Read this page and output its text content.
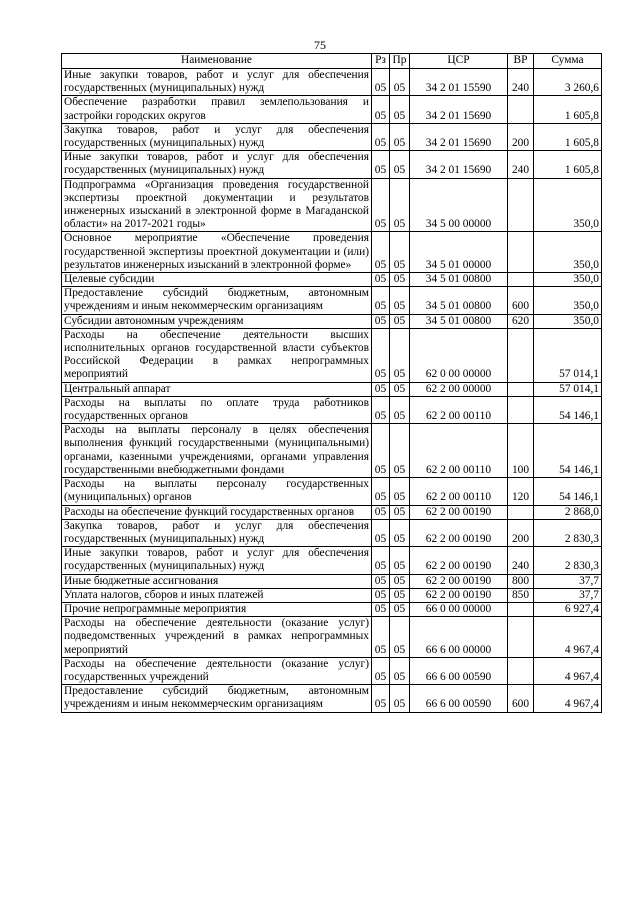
75
Наименование	Рз	Пр	ЦСР	ВР	Сумма
Иные закупки товаров, работ и услуг для обеспечения государственных (муниципальных) нужд	05	05	34 2 01 15590	240	3 260,6
Обеспечение разработки правил землепользования и застройки городских округов	05	05	34 2 01 15690		1 605,8
Закупка товаров, работ и услуг для обеспечения государственных (муниципальных) нужд	05	05	34 2 01 15690	200	1 605,8
Иные закупки товаров, работ и услуг для обеспечения государственных (муниципальных) нужд	05	05	34 2 01 15690	240	1 605,8
Подпрограмма «Организация проведения государственной экспертизы проектной документации и результатов инженерных изысканий в электронной форме в Магаданской области» на 2017-2021 годы»	05	05	34 5 00 00000		350,0
Основное мероприятие «Обеспечение проведения государственной экспертизы проектной документации и (или) результатов инженерных изысканий в электронной форме»	05	05	34 5 01 00000		350,0
Целевые субсидии	05	05	34 5 01 00800		350,0
Предоставление субсидий бюджетным, автономным учреждениям и иным некоммерческим организациям	05	05	34 5 01 00800	600	350,0
Субсидии автономным учреждениям	05	05	34 5 01 00800	620	350,0
Расходы на обеспечение деятельности высших исполнительных органов государственной власти субъектов Российской Федерации в рамках непрограммных мероприятий	05	05	62 0 00 00000		57 014,1
Центральный аппарат	05	05	62 2 00 00000		57 014,1
Расходы на выплаты по оплате труда работников государственных органов	05	05	62 2 00 00110		54 146,1
Расходы на выплаты персоналу в целях обеспечения выполнения функций государственными (муниципальными) органами, казенными учреждениями, органами управления государственными внебюджетными фондами	05	05	62 2 00 00110	100	54 146,1
Расходы на выплаты персоналу государственных (муниципальных) органов	05	05	62 2 00 00110	120	54 146,1
Расходы на обеспечение функций государственных органов	05	05	62 2 00 00190		2 868,0
Закупка товаров, работ и услуг для обеспечения государственных (муниципальных) нужд	05	05	62 2 00 00190	200	2 830,3
Иные закупки товаров, работ и услуг для обеспечения государственных (муниципальных) нужд	05	05	62 2 00 00190	240	2 830,3
Иные бюджетные ассигнования	05	05	62 2 00 00190	800	37,7
Уплата налогов, сборов и иных платежей	05	05	62 2 00 00190	850	37,7
Прочие непрограммные мероприятия	05	05	66 0 00 00000		6 927,4
Расходы на обеспечение деятельности (оказание услуг) подведомственных учреждений в рамках непрограммных мероприятий	05	05	66 6 00 00000		4 967,4
Расходы на обеспечение деятельности (оказание услуг) государственных учреждений	05	05	66 6 00 00590		4 967,4
Предоставление субсидий бюджетным, автономным учреждениям и иным некоммерческим организациям	05	05	66 6 00 00590	600	4 967,4
